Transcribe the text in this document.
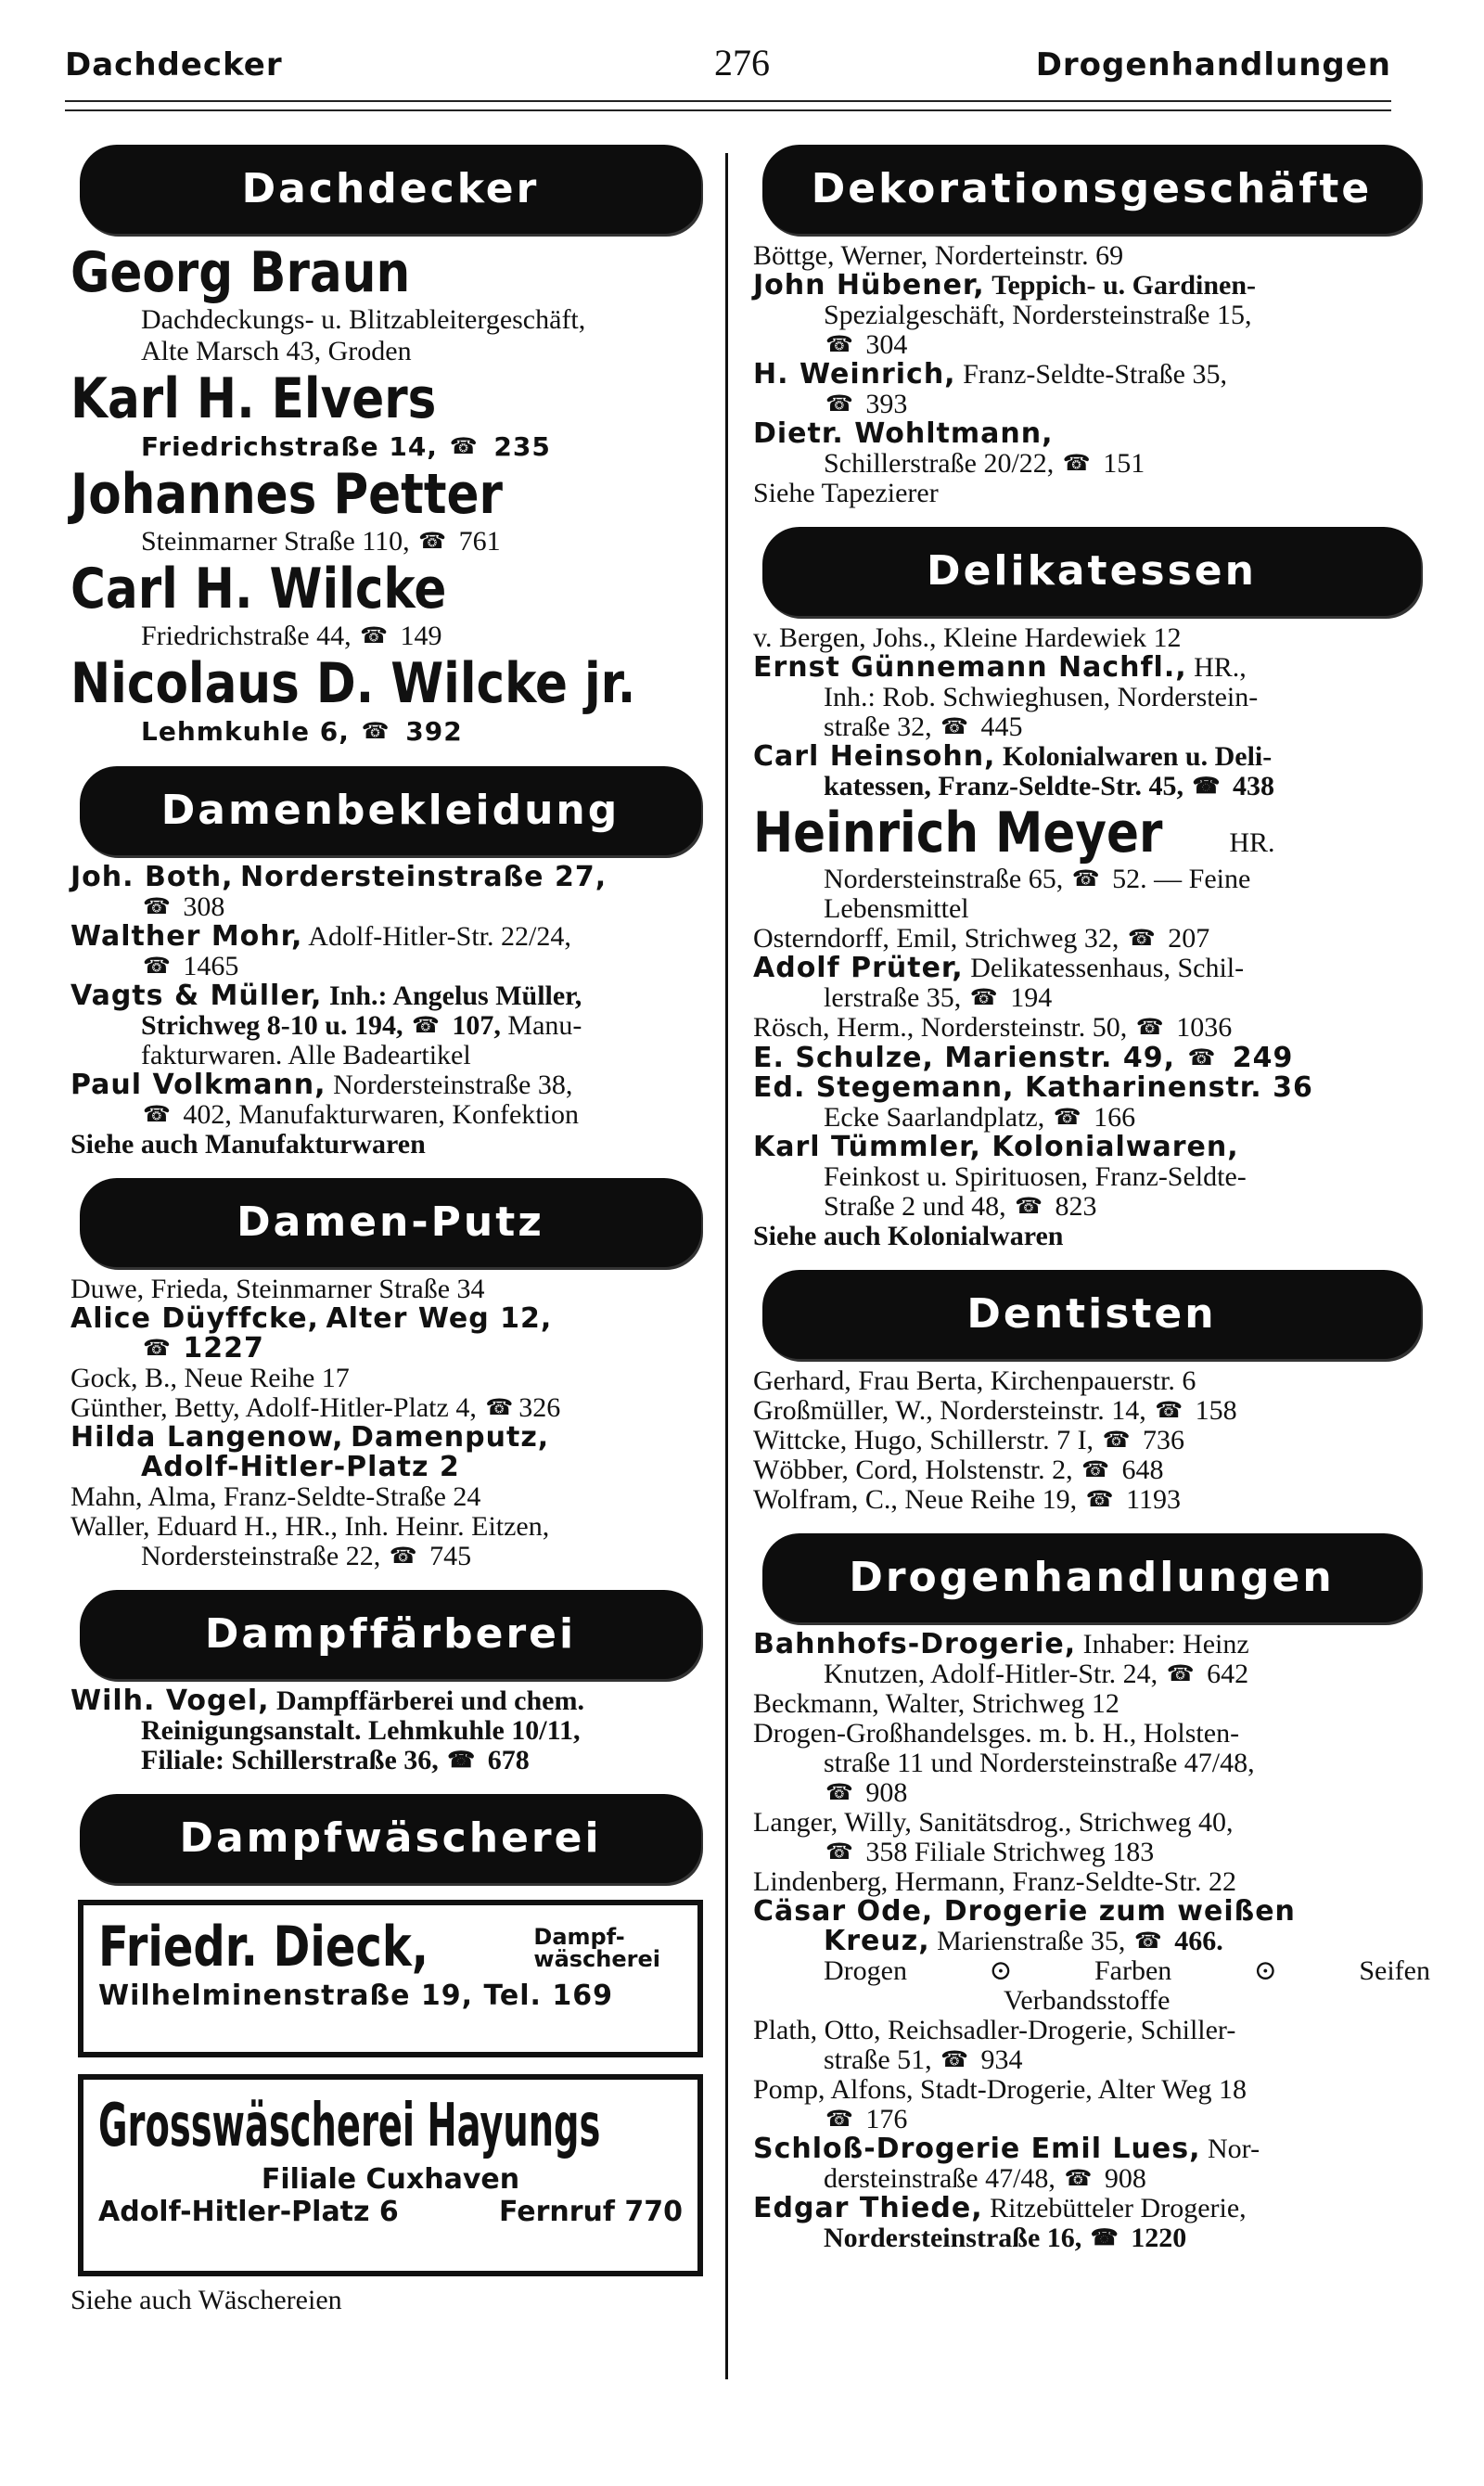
Dachdecker	276	Drogenhandlungen
Dachdecker
Georg Braun
Dachdeckungs- u. Blitzableitergeschäft,
Alte Marsch 43, Groden
Karl H. Elvers
Friedrichstraße 14, ☎ 235
Johannes Petter
Steinmarner Straße 110, ☎ 761
Carl H. Wilcke
Friedrichstraße 44, ☎ 149
Nicolaus D. Wilcke jr.
Lehmkuhle 6, ☎ 392
Damenbekleidung
Joh. Both, Nordersteinstraße 27,
☎ 308
Walther Mohr, Adolf-Hitler-Str. 22/24,
☎ 1465
Vagts & Müller, Inh.: Angelus Müller,
Strichweg 8-10 u. 194, ☎ 107, Manu-
fakturwaren. Alle Badeartikel
Paul Volkmann, Nordersteinstraße 38,
☎ 402, Manufakturwaren, Konfektion
Siehe auch Manufakturwaren
Damen-Putz
Duwe, Frieda, Steinmarner Straße 34
Alice Düyffcke, Alter Weg 12,
☎ 1227
Gock, B., Neue Reihe 17
Günther, Betty, Adolf-Hitler-Platz 4, ☎ 326
Hilda Langenow, Damenputz,
Adolf-Hitler-Platz 2
Mahn, Alma, Franz-Seldte-Straße 24
Waller, Eduard H., HR., Inh. Heinr. Eitzen,
Nordersteinstraße 22, ☎ 745
Dampffärberei
Wilh. Vogel, Dampffärberei und chem.
Reinigungsanstalt. Lehmkuhle 10/11,
Filiale: Schillerstraße 36, ☎ 678
Dampfwäscherei
Friedr. Dieck,	Dampf-
wäscherei
Wilhelminenstraße 19, Tel. 169
Grosswäscherei Hayungs
Filiale Cuxhaven
Adolf-Hitler-Platz 6	Fernruf 770
Siehe auch Wäschereien
Dekorationsgeschäfte
Böttge, Werner, Norderteinstr. 69
John Hübener, Teppich- u. Gardinen-
Spezialgeschäft, Nordersteinstraße 15,
☎ 304
H. Weinrich, Franz-Seldte-Straße 35,
☎ 393
Dietr. Wohltmann,
Schillerstraße 20/22, ☎ 151
Siehe Tapezierer
Delikatessen
v. Bergen, Johs., Kleine Hardewiek 12
Ernst Günnemann Nachfl., HR.,
Inh.: Rob. Schwieghusen, Norderstein-
straße 32, ☎ 445
Carl Heinsohn, Kolonialwaren u. Deli-
katessen, Franz-Seldte-Str. 45, ☎ 438
Heinrich Meyer HR.
Nordersteinstraße 65, ☎ 52. — Feine
Lebensmittel
Osterndorff, Emil, Strichweg 32, ☎ 207
Adolf Prüter, Delikatessenhaus, Schil-
lerstraße 35, ☎ 194
Rösch, Herm., Nordersteinstr. 50, ☎ 1036
E. Schulze, Marienstr. 49, ☎ 249
Ed. Stegemann, Katharinenstr. 36
Ecke Saarlandplatz, ☎ 166
Karl Tümmler, Kolonialwaren,
Feinkost u. Spirituosen, Franz-Seldte-
Straße 2 und 48, ☎ 823
Siehe auch Kolonialwaren
Dentisten
Gerhard, Frau Berta, Kirchenpauerstr. 6
Großmüller, W., Nordersteinstr. 14, ☎ 158
Wittcke, Hugo, Schillerstr. 7 I, ☎ 736
Wöbber, Cord, Holstenstr. 2, ☎ 648
Wolfram, C., Neue Reihe 19, ☎ 1193
Drogenhandlungen
Bahnhofs-Drogerie, Inhaber: Heinz
Knutzen, Adolf-Hitler-Str. 24, ☎ 642
Beckmann, Walter, Strichweg 12
Drogen-Großhandelsges. m. b. H., Holsten-
straße 11 und Nordersteinstraße 47/48,
☎ 908
Langer, Willy, Sanitätsdrog., Strichweg 40,
☎ 358 Filiale Strichweg 183
Lindenberg, Hermann, Franz-Seldte-Str. 22
Cäsar Ode, Drogerie zum weißen
Kreuz, Marienstraße 35, ☎ 466.
Drogen	⊙	Farben	⊙	Seifen
Verbandsstoffe
Plath, Otto, Reichsadler-Drogerie, Schiller-
straße 51, ☎ 934
Pomp, Alfons, Stadt-Drogerie, Alter Weg 18
☎ 176
Schloß-Drogerie Emil Lues, Nor-
dersteinstraße 47/48, ☎ 908
Edgar Thiede, Ritzebütteler Drogerie,
Nordersteinstraße 16, ☎ 1220
